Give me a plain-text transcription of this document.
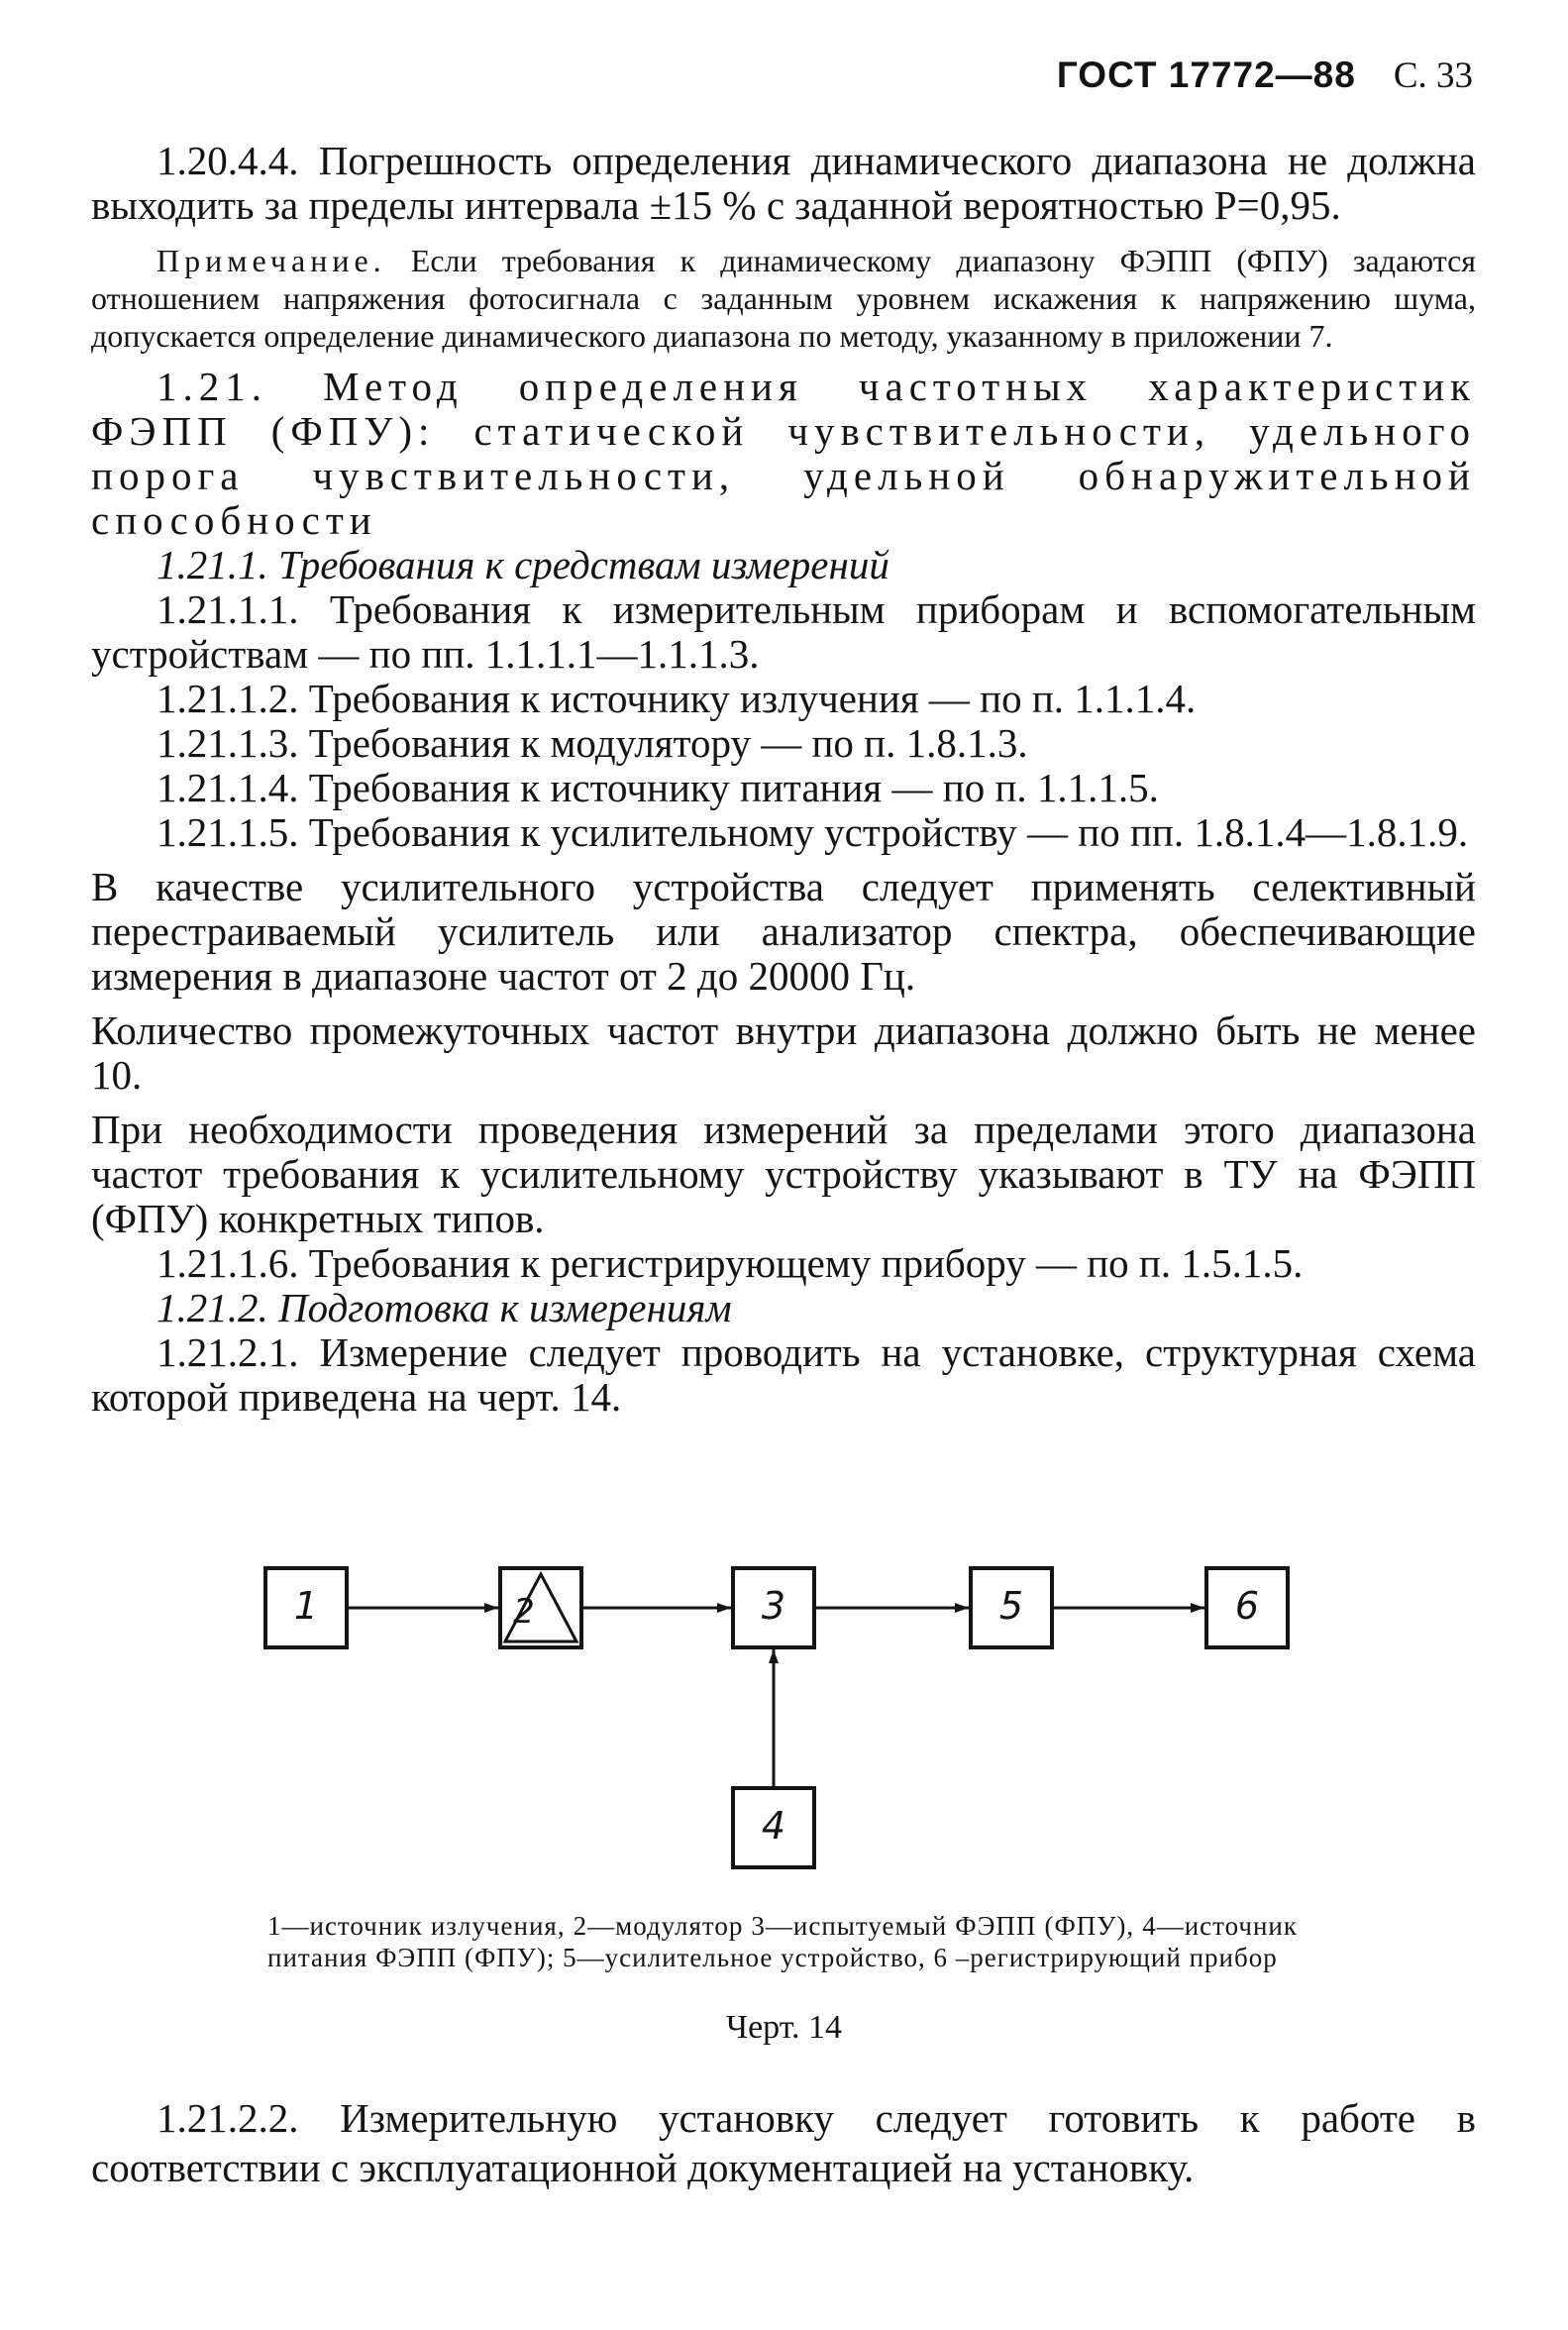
ГОСТ 17772—88 С. 33

1.20.4.4. Погрешность определения динамического диапазона не должна выходить за пределы интервала ±15 % с заданной вероятностью P=0,95.

Примечание. Если требования к динамическому диапазону ФЭПП (ФПУ) задаются отношением напряжения фотосигнала с заданным уровнем искажения к напряжению шума, допускается определение динамического диапазона по методу, указанному в приложении 7.

1.21. Метод определения частотных характеристик ФЭПП (ФПУ): статической чувствительности, удельного порога чувствительности, удельной обнаружительной способности

1.21.1. Требования к средствам измерений

1.21.1.1. Требования к измерительным приборам и вспомогательным устройствам — по пп. 1.1.1.1—1.1.1.3.

1.21.1.2. Требования к источнику излучения — по п. 1.1.1.4.

1.21.1.3. Требования к модулятору — по п. 1.8.1.3.

1.21.1.4. Требования к источнику питания — по п. 1.1.1.5.

1.21.1.5. Требования к усилительному устройству — по пп. 1.8.1.4—1.8.1.9.

В качестве усилительного устройства следует применять селективный перестраиваемый усилитель или анализатор спектра, обеспечивающие измерения в диапазоне частот от 2 до 20000 Гц.

Количество промежуточных частот внутри диапазона должно быть не менее 10.

При необходимости проведения измерений за пределами этого диапазона частот требования к усилительному устройству указывают в ТУ на ФЭПП (ФПУ) конкретных типов.

1.21.1.6. Требования к регистрирующему прибору — по п. 1.5.1.5.

1.21.2. Подготовка к измерениям

1.21.2.1. Измерение следует проводить на установке, структурная схема которой приведена на черт. 14.

1	2	3	5	6
4
1—источник излучения, 2—модулятор 3—испытуемый ФЭПП (ФПУ), 4—источник питания ФЭПП (ФПУ); 5—усилительное устройство, 6 –регистрирующий прибор
Черт. 14

1.21.2.2. Измерительную установку следует готовить к работе в соответствии с эксплуатационной документацией на установку.
